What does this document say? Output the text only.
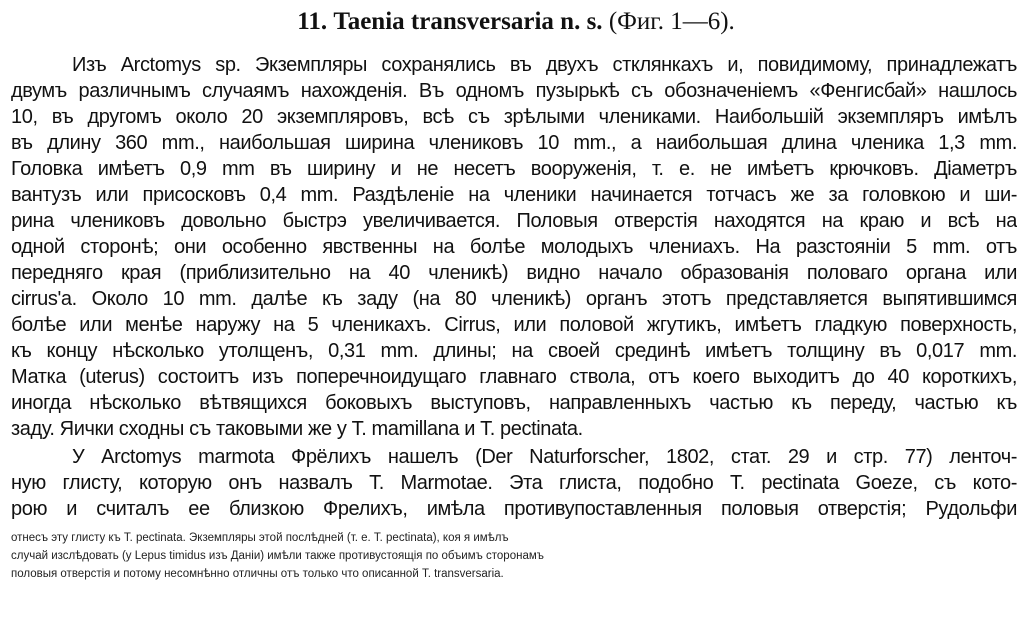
11. Taenia transversaria n. s. (Фиг. 1—6).
Изъ Arctomys sp. Экземпляры сохранялись въ двухъ стклянкахъ и, повидимому, принадлежатъ
двумъ различнымъ случаямъ нахожденія. Въ одномъ пузырькѣ съ обозначеніемъ «Фенгисбай» нашлось
10, въ другомъ около 20 экземпляровъ, всѣ съ зрѣлыми члениками. Наибольшій экземпляръ имѣлъ
въ длину 360 mm., наибольшая ширина члениковъ 10 mm., а наибольшая длина членика 1,3 mm.
Головка имѣетъ 0,9 mm въ ширину и не несетъ вооруженія, т. е. не имѣетъ крючковъ. Діаметръ
вантузъ или присосковъ 0,4 mm. Раздѣленіе на членики начинается тотчасъ же за головкою и ши-
рина члениковъ довольно быстрэ увеличивается. Половыя отверстія находятся на краю и всѣ на
одной сторонѣ; они особенно явственны на болѣе молодыхъ члениахъ. На разстояніи 5 mm. отъ
передняго края (приблизительно на 40 членикѣ) видно начало образованія половаго органа или
cirrus'a. Около 10 mm. далѣе къ заду (на 80 членикѣ) органъ этотъ представляется выпятившимся
болѣе или менѣе наружу на 5 членикахъ. Cirrus, или половой жгутикъ, имѣетъ гладкую поверхность,
къ концу нѣсколько утолщенъ, 0,31 mm. длины; на своей срединѣ имѣетъ толщину въ 0,017 mm.
Матка (uterus) состоитъ изъ поперечноидущаго главнаго ствола, отъ коего выходитъ до 40 короткихъ,
иногда нѣсколько вѣтвящихся боковыхъ выступовъ, направленныхъ частью къ переду, частью къ
заду. Яички сходны съ таковыми же у T. mamillana и T. pectinata.
У Arctomys marmota Фрёлихъ нашелъ (Der Naturforscher, 1802, стат. 29 и стр. 77) ленточ-
ную глисту, которую онъ назвалъ T. Marmotae. Эта глиста, подобно T. pectinata Goeze, съ кото-
рою и считалъ ее близкою Фрелихъ, имѣла противупоставленныя половыя отверстія; Рудольфи
отнесъ эту глисту къ T. pectinata. Экземпляры этой послѣдней (т. е. T. pectinata), коя я имѣлъ
случай изслѣдовать (у Lepus timidus изъ Даніи) имѣли также противустоящія по объимъ сторонамъ
половыя отверстія и потому несомнѣнно отличны отъ только что описанной T. transversaria.
